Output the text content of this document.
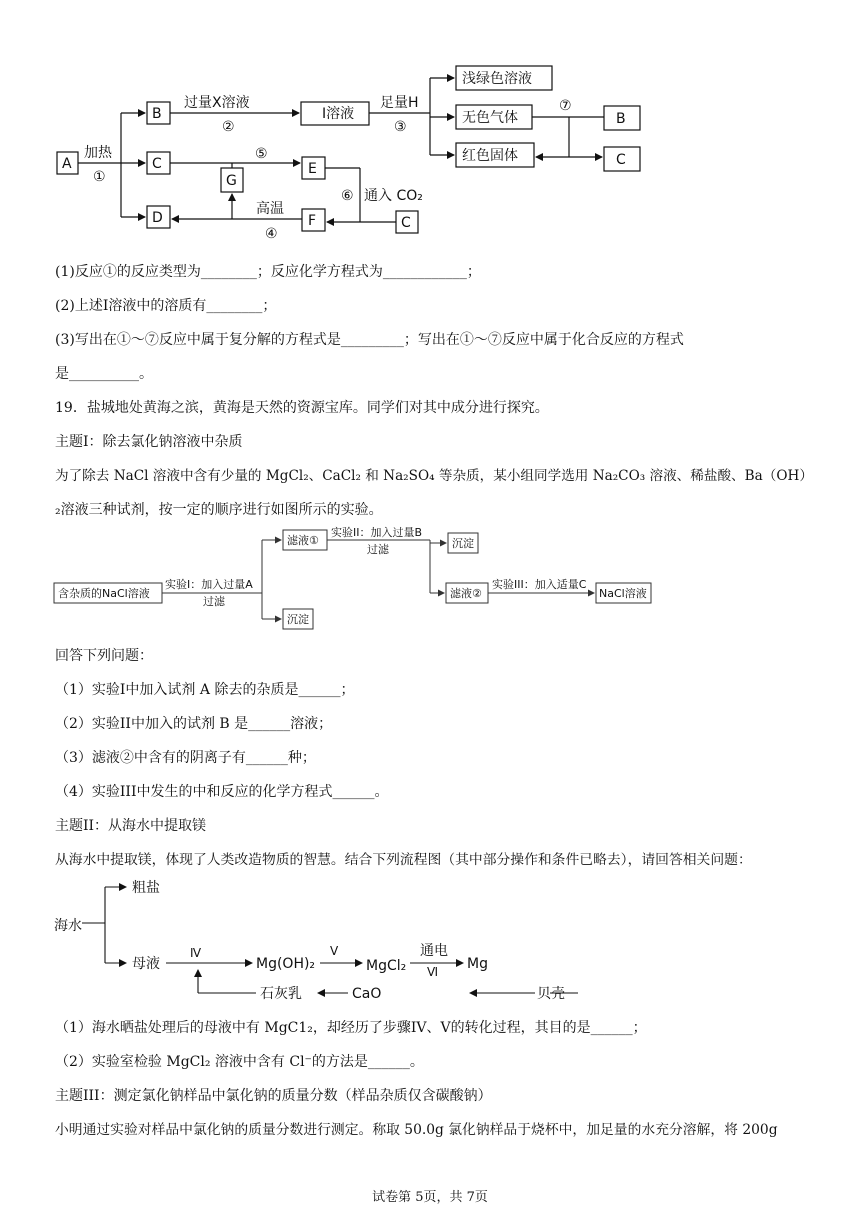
A
B
C
D
G
E
F	C
I溶液
浅绿色溶液
无色气体
红色固体
B
C
加热
①
过量X溶液
②
足量H
③
⑤
⑥ 通入 CO₂
⑦
高温
④
(1)反应①的反应类型为________；反应化学方程式为____________；
(2)上述I溶液中的溶质有________；
(3)写出在①～⑦反应中属于复分解的方程式是_________；写出在①～⑦反应中属于化合反应的方程式
是__________。
19．盐城地处黄海之滨，黄海是天然的资源宝库。同学们对其中成分进行探究。
主题I：除去氯化钠溶液中杂质
为了除去 NaCl 溶液中含有少量的 MgCl₂、CaCl₂ 和 Na₂SO₄ 等杂质，某小组同学选用 Na₂CO₃ 溶液、稀盐酸、Ba（OH）
₂溶液三种试剂，按一定的顺序进行如图所示的实验。
含杂质的NaCl溶液
实验I：加入过量A
过滤
滤液①
沉淀
实验II：加入过量B
过滤	沉淀
滤液②
实验III：加入适量C
NaCl溶液
回答下列问题：
（1）实验I中加入试剂 A 除去的杂质是______；
（2）实验II中加入的试剂 B 是______溶液；
（3）滤液②中含有的阴离子有______种；
（4）实验III中发生的中和反应的化学方程式______。
主题II：从海水中提取镁
从海水中提取镁，体现了人类改造物质的智慧。结合下列流程图（其中部分操作和条件已略去），请回答相关问题：
海水
粗盐
母液
Ⅳ
Mg(OH)₂
V
MgCl₂
通电
Ⅵ Mg
石灰乳	CaO	贝壳
（1）海水晒盐处理后的母液中有 MgC1₂，却经历了步骤IV、V的转化过程，其目的是______；
（2）实验室检验 MgCl₂ 溶液中含有 Cl⁻的方法是______。
主题III：测定氯化钠样品中氯化钠的质量分数（样品杂质仅含碳酸钠）
小明通过实验对样品中氯化钠的质量分数进行测定。称取 50.0g 氯化钠样品于烧杯中，加足量的水充分溶解，将 200g
试卷第 5页，共 7页
